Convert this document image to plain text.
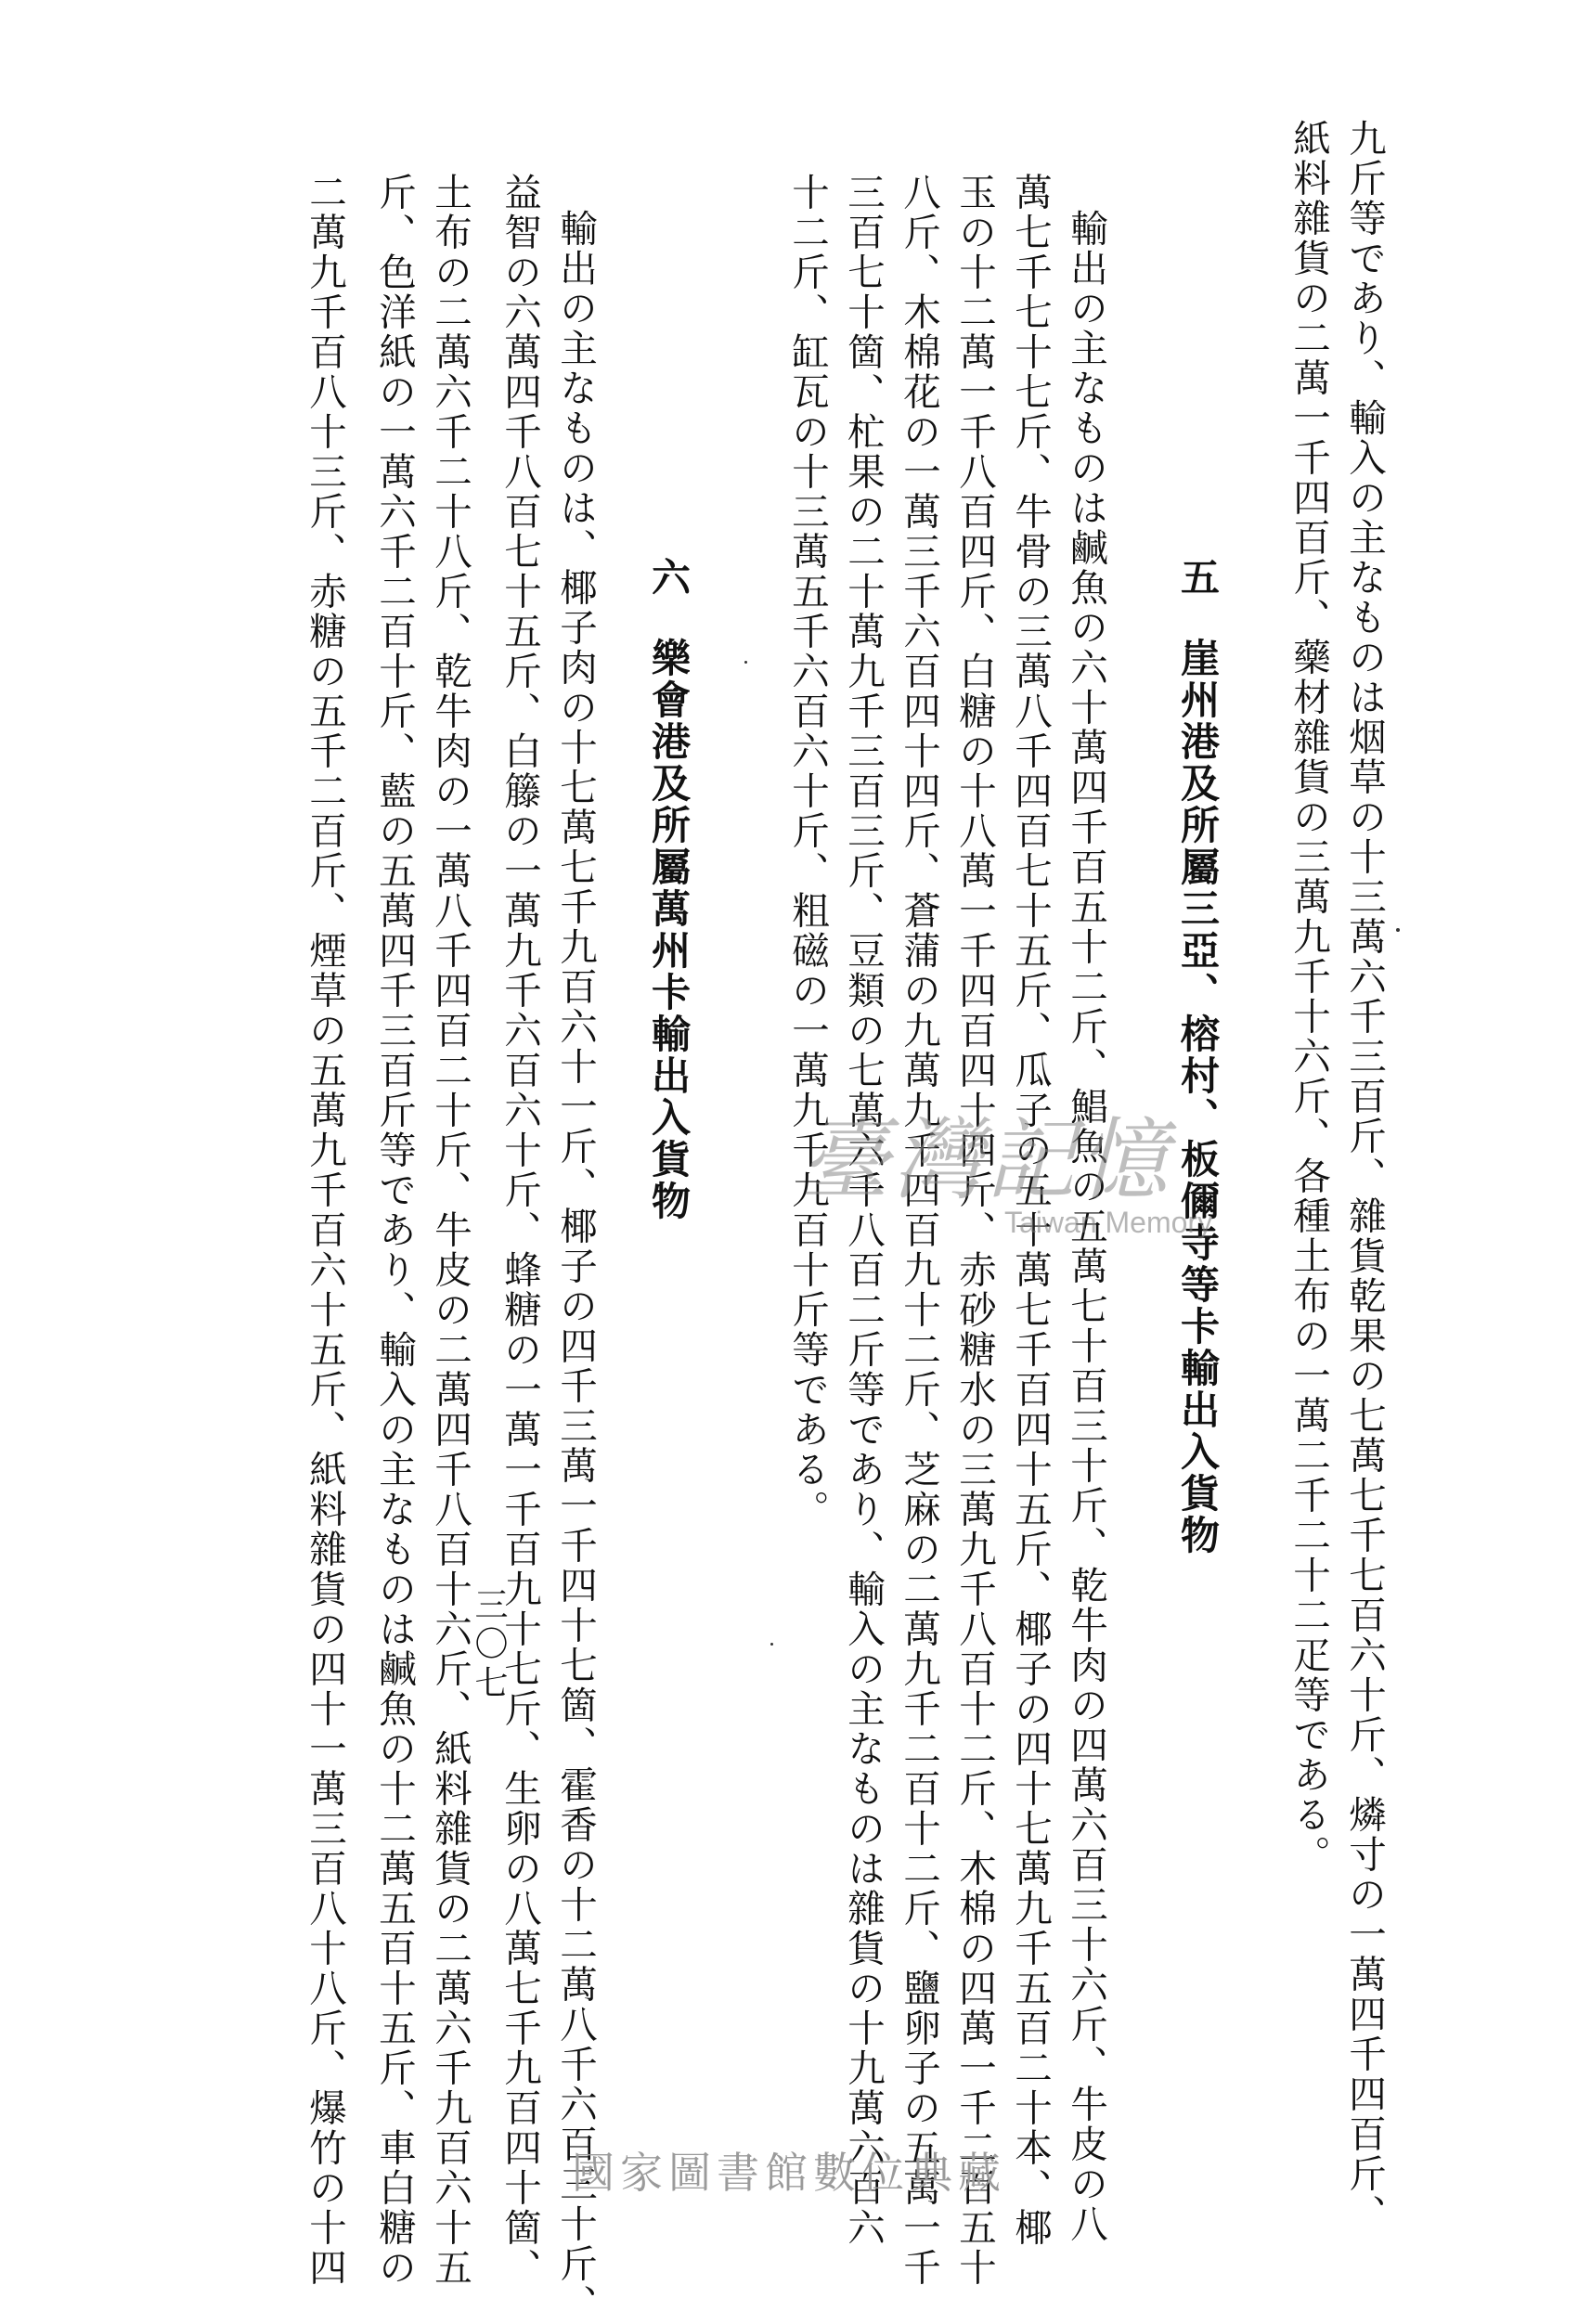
九斤等であり、輸入の主なものは烟草の十三萬六千三百斤、雜貨乾果の七萬七千七百六十斤、燐寸の一萬四千四百斤、

紙料雜貨の二萬一千四百斤、藥材雜貨の三萬九千十六斤、各種土布の一萬二千二十二疋等である。

五崖州港及所屬三亞、榕村、板儞寺等卡輸出入貨物

輸出の主なものは鹹魚の六十萬四千百五十二斤、鯧魚の五萬七十百三十斤、乾牛肉の四萬六百三十六斤、牛皮の八

萬七千七十七斤、牛骨の三萬八千四百七十五斤、瓜子の五十萬七千百四十五斤、椰子の四十七萬九千五百二十本、椰

玉の十二萬一千八百四斤、白糖の十八萬一千四百四十四斤、赤砂糖水の三萬九千八百十二斤、木棉の四萬一千二百五十

八斤、木棉花の一萬三千六百四十四斤、蒼蒲の九萬九千四百九十二斤、芝麻の二萬九千二百十二斤、鹽卵子の五萬一千

三百七十箇、杧果の二十萬九千三百三斤、豆類の七萬六千八百二斤等であり、輸入の主なものは雜貨の十九萬六百六

十二斤、缸瓦の十三萬五千六百六十斤、粗磁の一萬九千九百十斤等である。

六樂會港及所屬萬州卡輸出入貨物

輸出の主なものは、椰子肉の十七萬七千九百六十一斤、椰子の四千三萬一千四十七箇、霍香の十二萬八千六百三十斤、

益智の六萬四千八百七十五斤、白籐の一萬九千六百六十斤、蜂糖の一萬一千百九十七斤、生卵の八萬七千九百四十箇、

土布の二萬六千二十八斤、乾牛肉の一萬八千四百二十斤、牛皮の二萬四千八百十六斤、紙料雜貨の二萬六千九百六十五

斤、色洋紙の一萬六千二百十斤、藍の五萬四千三百斤等であり、輸入の主なものは鹹魚の十二萬五百十五斤、車白糖の

二萬九千百八十三斤、赤糖の五千二百斤、煙草の五萬九千百六十五斤、紙料雜貨の四十一萬三百八十八斤、爆竹の十四	三〇七

臺灣記憶
Taiwan Memory

國家圖書館數位典藏
